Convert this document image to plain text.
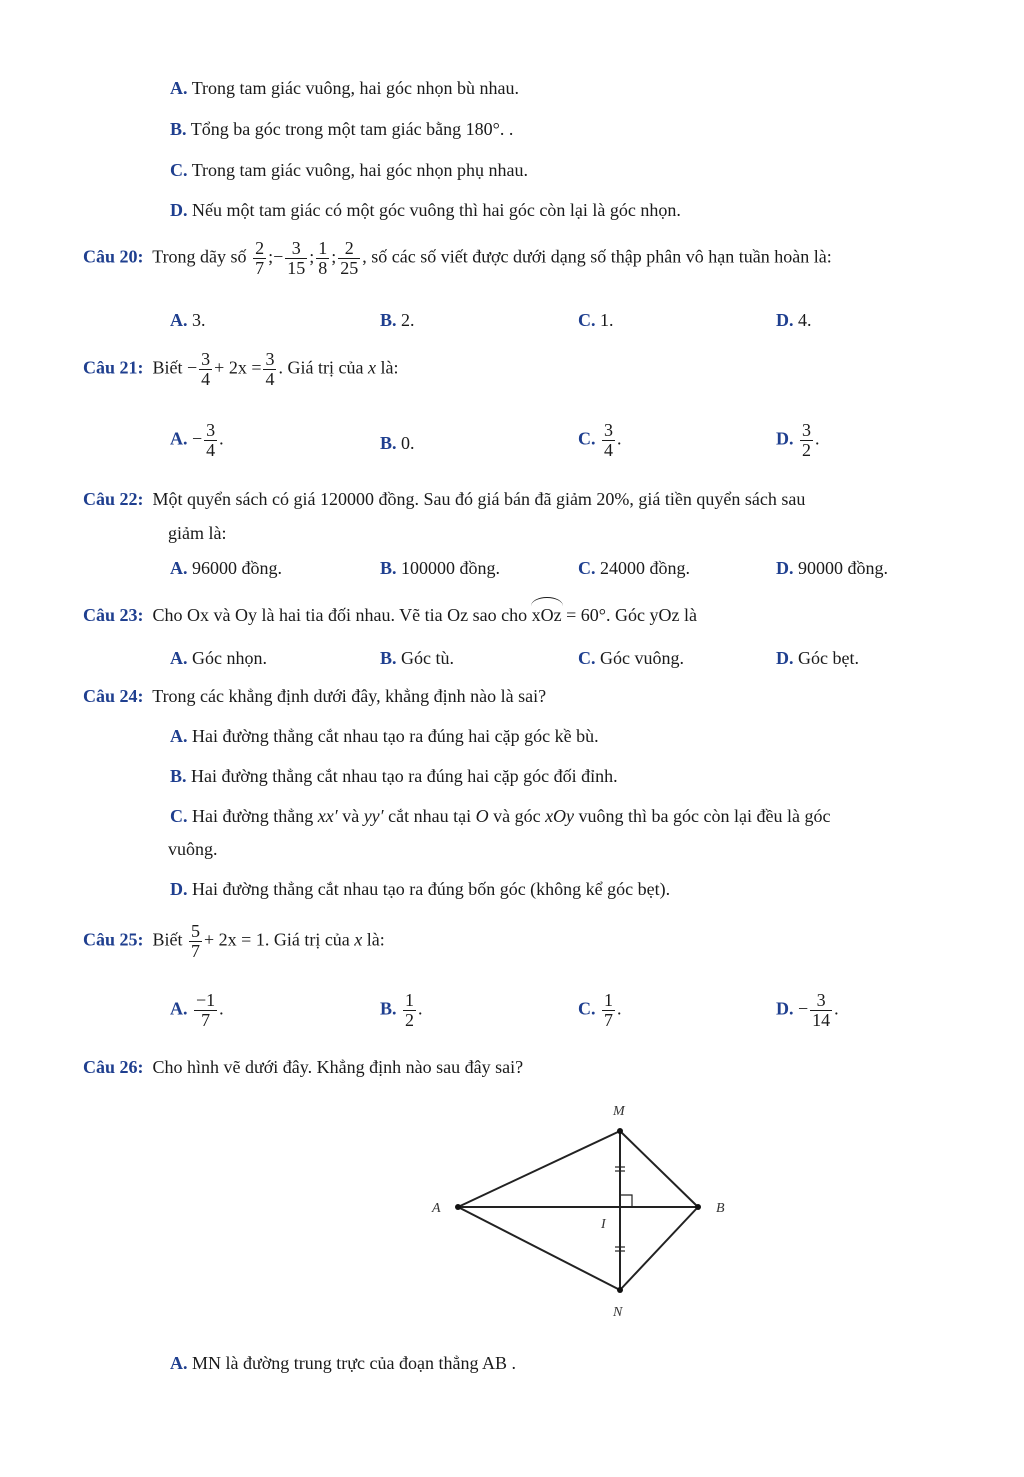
A. Trong tam giác vuông, hai góc nhọn bù nhau.
B. Tổng ba góc trong một tam giác bằng 180°. .
C. Trong tam giác vuông, hai góc nhọn phụ nhau.
D. Nếu một tam giác có một góc vuông thì hai góc còn lại là góc nhọn.
Câu 20: Trong dãy số $\frac{2}{7}$ ;− $\frac{3}{15}$ ; $\frac{1}{8}$ ; $\frac{2}{25}$ , số các số viết được dưới dạng số thập phân vô hạn tuần hoàn là:
A. 3.	B. 2.	C. 1.	D. 4.
Câu 21: Biết − $\frac{3}{4} + 2x = \frac{3}{4}$ . Giá trị của x là:
A. − $\frac{3}{4}$ .	B. 0.	C. $\frac{3}{4}$ .	D. $\frac{3}{2}$ .
Câu 22: Một quyển sách có giá 120000 đồng. Sau đó giá bán đã giảm 20%, giá tiền quyển sách sau
giảm là:
A. 96000 đồng.	B. 100000 đồng.	C. 24000 đồng.	D. 90000 đồng.
Câu 23: Cho Ox và Oy là hai tia đối nhau. Vẽ tia Oz sao cho xOz = 60°. Góc yOz là
A. Góc nhọn.	B. Góc tù.	C. Góc vuông.	D. Góc bẹt.
Câu 24: Trong các khẳng định dưới đây, khẳng định nào là sai?
A. Hai đường thẳng cắt nhau tạo ra đúng hai cặp góc kề bù.
B. Hai đường thẳng cắt nhau tạo ra đúng hai cặp góc đối đỉnh.
C. Hai đường thẳng xx′ và yy′ cắt nhau tại O và góc xOy vuông thì ba góc còn lại đều là góc
vuông.
D. Hai đường thẳng cắt nhau tạo ra đúng bốn góc (không kể góc bẹt).
Câu 25: Biết $\frac{5}{7} + 2x = 1$. Giá trị của x là:
A. $\frac{-1}{7}$ .	B. $\frac{1}{2}$ .	C. $\frac{1}{7}$ .	D. − $\frac{3}{14}$ .
Câu 26: Cho hình vẽ dưới đây. Khẳng định nào sau đây sai?
M
A	B
I
N
A. MN là đường trung trực của đoạn thẳng AB .
